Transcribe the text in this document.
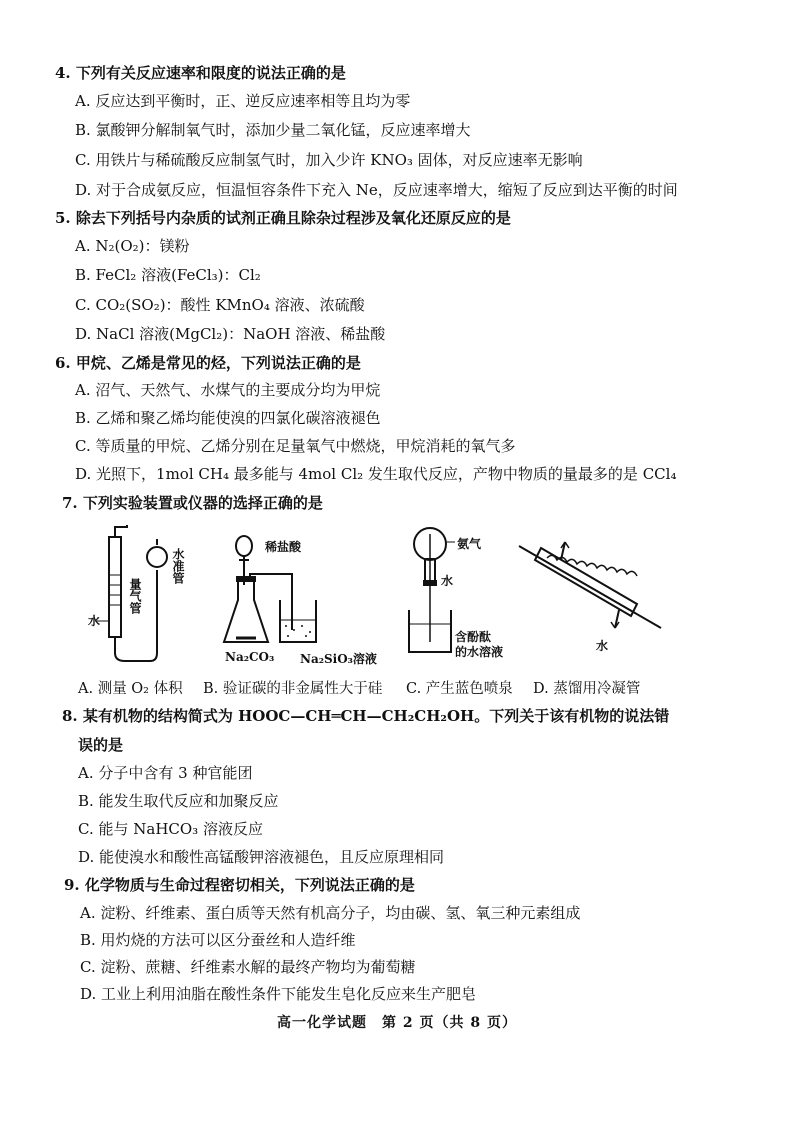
4. 下列有关反应速率和限度的说法正确的是
A. 反应达到平衡时，正、逆反应速率相等且均为零
B. 氯酸钾分解制氧气时，添加少量二氧化锰，反应速率增大
C. 用铁片与稀硫酸反应制氢气时，加入少许 KNO₃ 固体，对反应速率无影响
D. 对于合成氨反应，恒温恒容条件下充入 Ne，反应速率增大，缩短了反应到达平衡的时间
5. 除去下列括号内杂质的试剂正确且除杂过程涉及氧化还原反应的是
A. N₂(O₂)：镁粉
B. FeCl₂ 溶液(FeCl₃)：Cl₂
C. CO₂(SO₂)：酸性 KMnO₄ 溶液、浓硫酸
D. NaCl 溶液(MgCl₂)：NaOH 溶液、稀盐酸
6. 甲烷、乙烯是常见的烃，下列说法正确的是
A. 沼气、天然气、水煤气的主要成分均为甲烷
B. 乙烯和聚乙烯均能使溴的四氯化碳溶液褪色
C. 等质量的甲烷、乙烯分别在足量氧气中燃烧，甲烷消耗的氧气多
D. 光照下，1mol CH₄ 最多能与 4mol Cl₂ 发生取代反应，产物中物质的量最多的是 CCl₄
7. 下列实验装置或仪器的选择正确的是
水准管
量气管
水
稀盐酸
Na₂CO₃ Na₂SiO₃溶液
氨气
水
含酚酞
的水溶液	水
A. 测量 O₂ 体积 B. 验证碳的非金属性大于硅 C. 产生蓝色喷泉 D. 蒸馏用冷凝管
8. 某有机物的结构简式为 HOOC—CH═CH—CH₂CH₂OH。下列关于该有机物的说法错
误的是
A. 分子中含有 3 种官能团
B. 能发生取代反应和加聚反应
C. 能与 NaHCO₃ 溶液反应
D. 能使溴水和酸性高锰酸钾溶液褪色，且反应原理相同
9. 化学物质与生命过程密切相关，下列说法正确的是
A. 淀粉、纤维素、蛋白质等天然有机高分子，均由碳、氢、氧三种元素组成
B. 用灼烧的方法可以区分蚕丝和人造纤维
C. 淀粉、蔗糖、纤维素水解的最终产物均为葡萄糖
D. 工业上利用油脂在酸性条件下能发生皂化反应来生产肥皂
高一化学试题　第 2 页（共 8 页）
